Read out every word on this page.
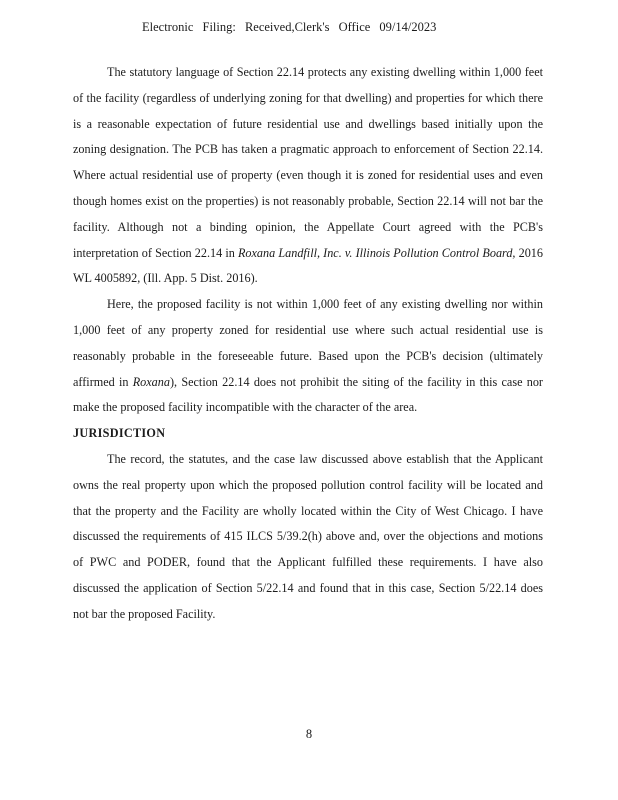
Electronic Filing: Received,Clerk's Office 09/14/2023

The statutory language of Section 22.14 protects any existing dwelling within 1,000 feet of the facility (regardless of underlying zoning for that dwelling) and properties for which there is a reasonable expectation of future residential use and dwellings based initially upon the zoning designation. The PCB has taken a pragmatic approach to enforcement of Section 22.14. Where actual residential use of property (even though it is zoned for residential uses and even though homes exist on the properties) is not reasonably probable, Section 22.14 will not bar the facility. Although not a binding opinion, the Appellate Court agreed with the PCB's interpretation of Section 22.14 in Roxana Landfill, Inc. v. Illinois Pollution Control Board, 2016 WL 4005892, (Ill. App. 5 Dist. 2016).

Here, the proposed facility is not within 1,000 feet of any existing dwelling nor within 1,000 feet of any property zoned for residential use where such actual residential use is reasonably probable in the foreseeable future. Based upon the PCB's decision (ultimately affirmed in Roxana), Section 22.14 does not prohibit the siting of the facility in this case nor make the proposed facility incompatible with the character of the area.

JURISDICTION

The record, the statutes, and the case law discussed above establish that the Applicant owns the real property upon which the proposed pollution control facility will be located and that the property and the Facility are wholly located within the City of West Chicago. I have discussed the requirements of 415 ILCS 5/39.2(h) above and, over the objections and motions of PWC and PODER, found that the Applicant fulfilled these requirements. I have also discussed the application of Section 5/22.14 and found that in this case, Section 5/22.14 does not bar the proposed Facility.

8
